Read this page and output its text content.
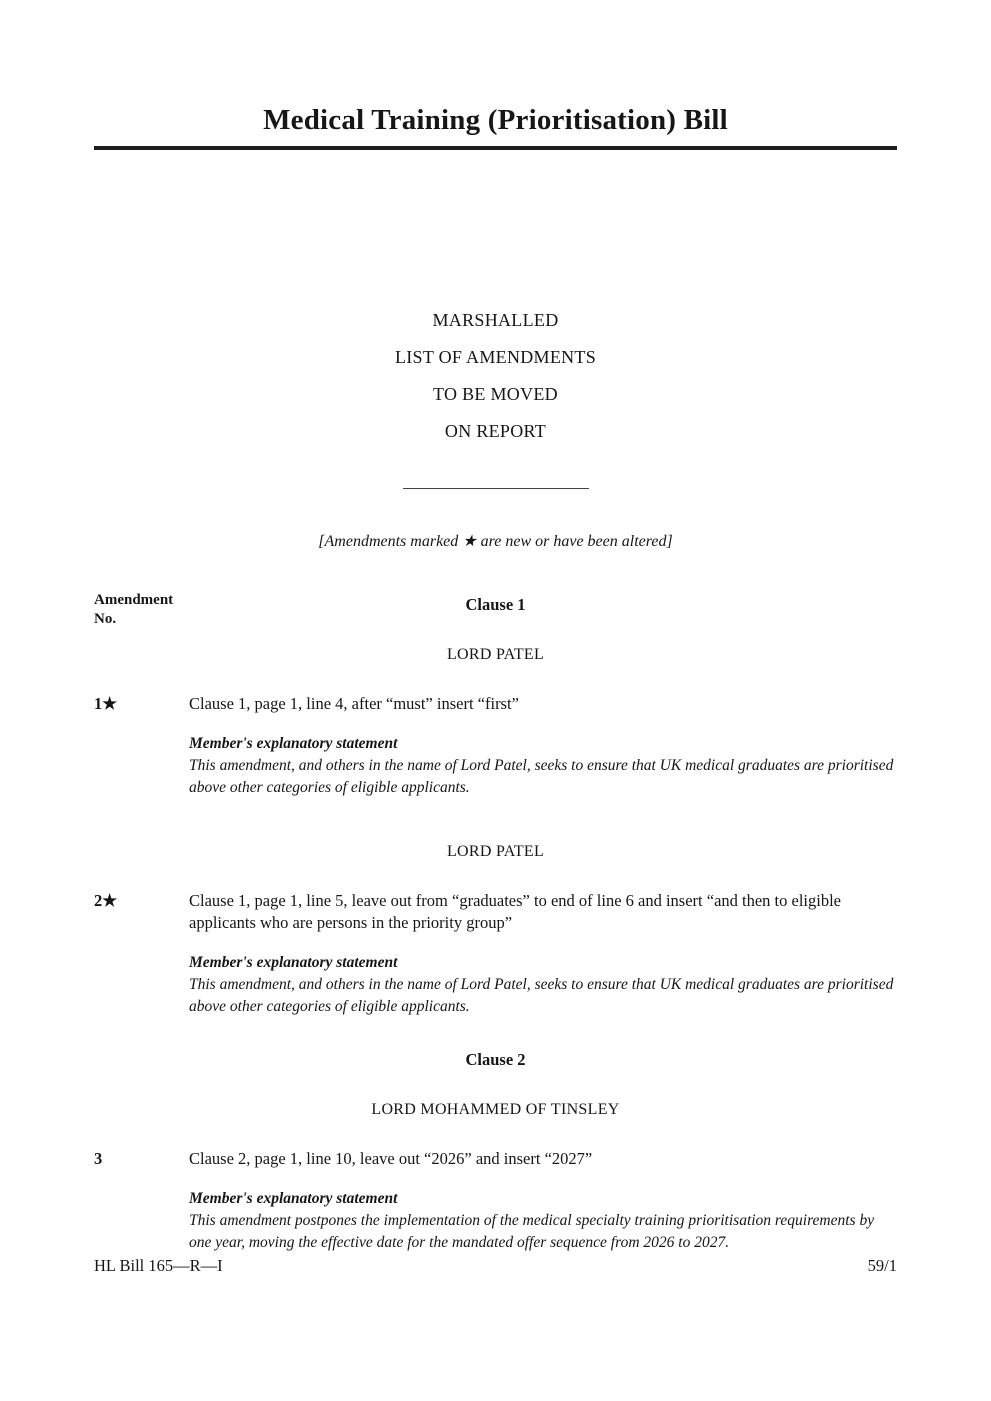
Medical Training (Prioritisation) Bill
MARSHALLED
LIST OF AMENDMENTS
TO BE MOVED
ON REPORT
[Amendments marked ★ are new or have been altered]
Amendment
No.
Clause 1
LORD PATEL
1★	Clause 1, page 1, line 4, after “must” insert “first”
Member's explanatory statement
This amendment, and others in the name of Lord Patel, seeks to ensure that UK medical graduates are prioritised above other categories of eligible applicants.
LORD PATEL
2★	Clause 1, page 1, line 5, leave out from “graduates” to end of line 6 and insert “and then to eligible applicants who are persons in the priority group”
Member's explanatory statement
This amendment, and others in the name of Lord Patel, seeks to ensure that UK medical graduates are prioritised above other categories of eligible applicants.
Clause 2
LORD MOHAMMED OF TINSLEY
3	Clause 2, page 1, line 10, leave out “2026” and insert “2027”
Member's explanatory statement
This amendment postpones the implementation of the medical specialty training prioritisation requirements by one year, moving the effective date for the mandated offer sequence from 2026 to 2027.
HL Bill 165—R—I	59/1
